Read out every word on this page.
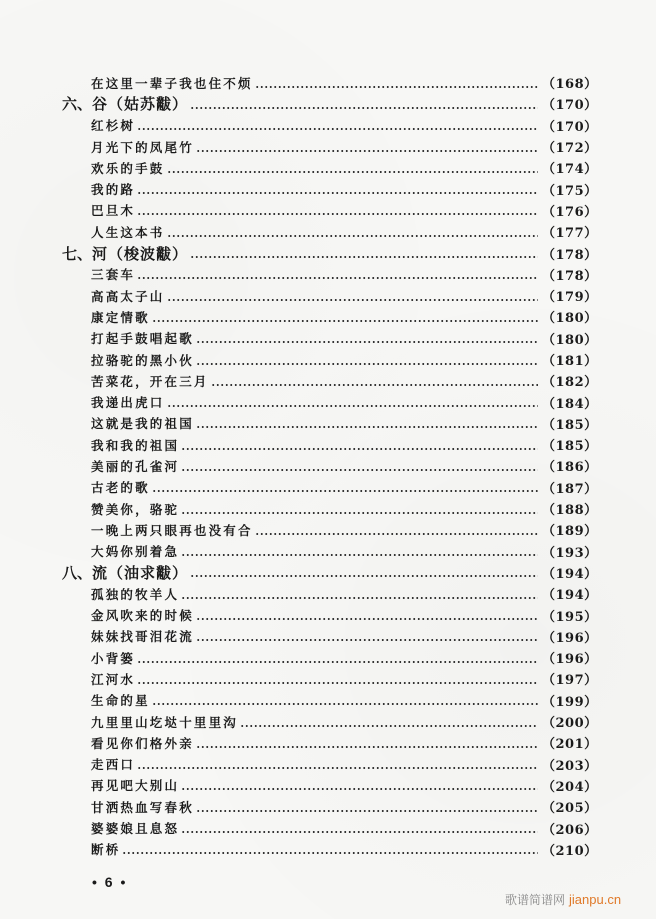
在这里一辈子我也住不烦	（168）
六、 谷（姑苏黻）	（170）
红杉树	（170）
月光下的凤尾竹	（172）
欢乐的手鼓	（174）
我的路	（175）
巴旦木	（176）
人生这本书	（177）
七、 河（梭波黻）	（178）
三套车	（178）
高高太子山	（179）
康定情歌	（180）
打起手鼓唱起歌	（180）
拉骆驼的黑小伙	（181）
苦菜花，开在三月	（182）
我递出虎口	（184）
这就是我的祖国	（185）
我和我的祖国	（185）
美丽的孔雀河	（186）
古老的歌	（187）
赞美你，骆驼	（188）
一晚上两只眼再也没有合	（189）
大妈你别着急	（193）
八、 流（油求黻）	（194）
孤独的牧羊人	（194）
金风吹来的时候	（195）
妹妹找哥泪花流	（196）
小背篓	（196）
江河水	（197）
生命的星	（199）
九里里山圪垯十里里沟	（200）
看见你们格外亲	（201）
走西口	（203）
再见吧大别山	（204）
甘洒热血写春秋	（205）
婆婆娘且息怒	（206）
断桥	（210）
• 6 •
歌谱简谱网 jianpu.cn
